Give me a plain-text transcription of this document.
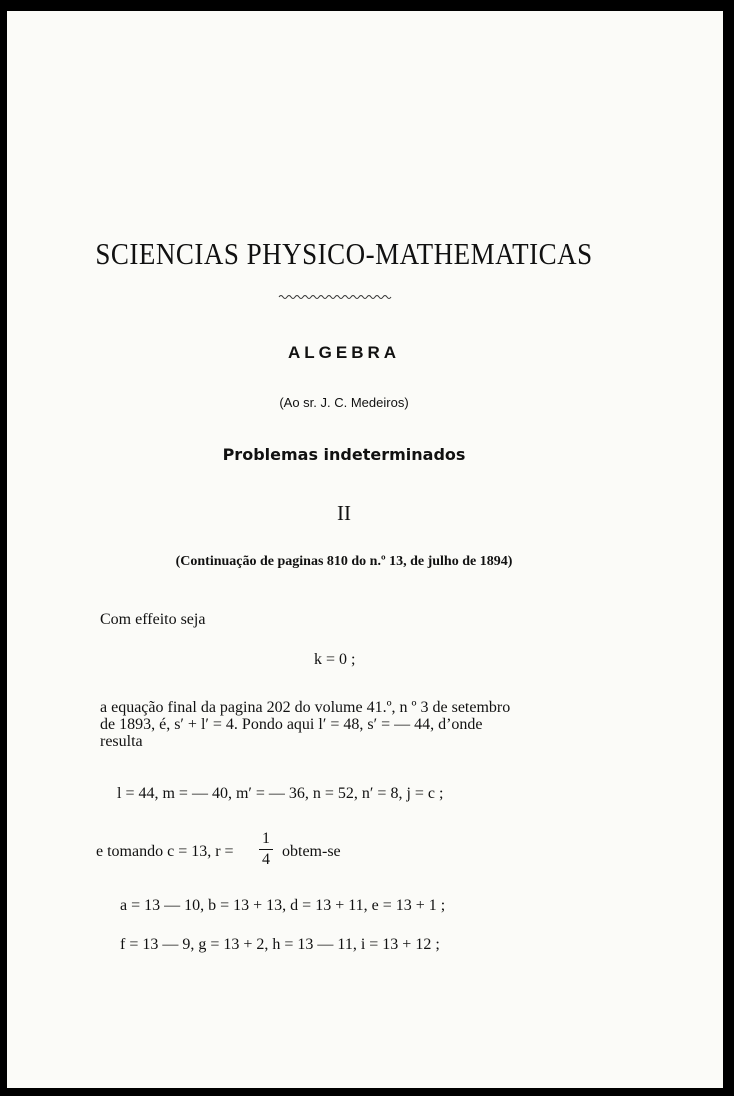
SCIENCIAS PHYSICO-MATHEMATICAS
ALGEBRA
(Ao sr. J. C. Medeiros)
Problemas indeterminados
II
(Continuação de paginas 810 do n.º 13, de julho de 1894)
Com effeito seja
k = 0 ;
a equação final da pagina 202 do volume 41.º, n º 3 de setembro
de 1893, é, s′ + l′ = 4. Pondo aqui l′ = 48, s′ = — 44, d’onde
resulta
l = 44, m = — 40, m′ = — 36, n = 52, n′ = 8, j = c ;
e tomando c = 13, r =
1
4 obtem-se
a = 13 — 10, b = 13 + 13, d = 13 + 11, e = 13 + 1 ;
f = 13 — 9, g = 13 + 2, h = 13 — 11, i = 13 + 12 ;
